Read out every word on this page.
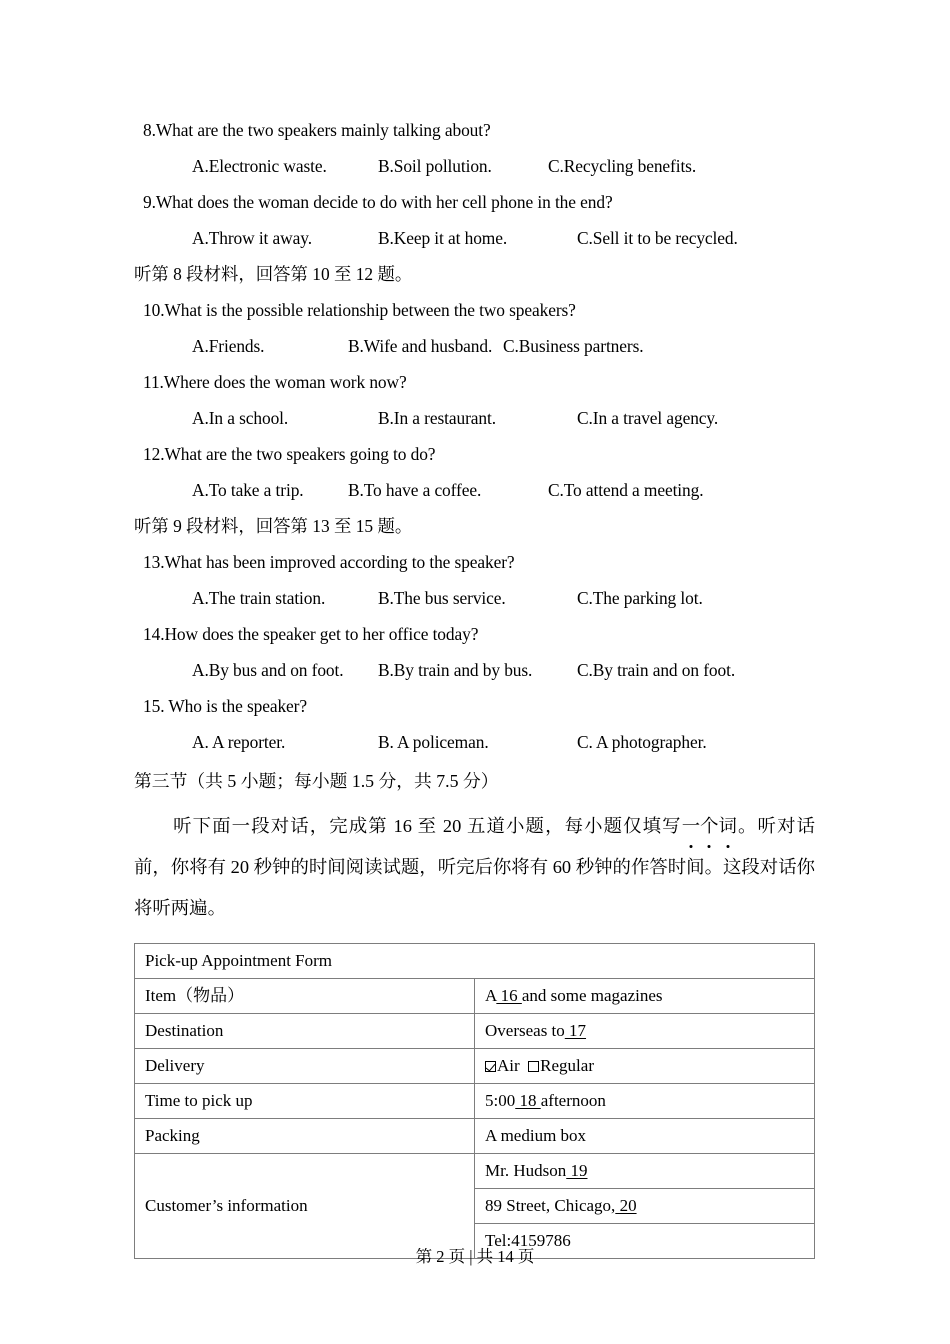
8.What are the two speakers mainly talking about?
A.Electronic waste.	B.Soil pollution.	C.Recycling benefits.
9.What does the woman decide to do with her cell phone in the end?
A.Throw it away.	B.Keep it at home.	C.Sell it to be recycled.
听第 8 段材料，回答第 10 至 12 题。
10.What is the possible relationship between the two speakers?
A.Friends.	B.Wife and husband. C.Business partners.
11.Where does the woman work now?
A.In a school.	B.In a restaurant.	C.In a travel agency.
12.What are the two speakers going to do?
A.To take a trip.	B.To have a coffee.	C.To attend a meeting.
听第 9 段材料，回答第 13 至 15 题。
13.What has been improved according to the speaker?
A.The train station.	B.The bus service.	C.The parking lot.
14.How does the speaker get to her office today?
A.By bus and on foot. B.By train and by bus.	C.By train and on foot.
15. Who is the speaker?
A. A reporter.	B. A policeman.	C. A photographer.
第三节（共 5 小题；每小题 1.5 分，共 7.5 分）
听下面一段对话，完成第 16 至 20 五道小题，每小题仅填写一个词。听对话前，你将有 20 秒钟的时间阅读试题，听完后你将有 60 秒钟的作答时间。这段对话你将听两遍。
Pick-up Appointment Form	
Item（物品）	A 16 and some magazines
Destination	Overseas to 17
Delivery	Air Regular
Time to pick up	5:00 18 afternoon
Packing	A medium box
Customer’s information	Mr. Hudson 19
	89 Street, Chicago, 20
	Tel:4159786
第 2 页 | 共 14 页
